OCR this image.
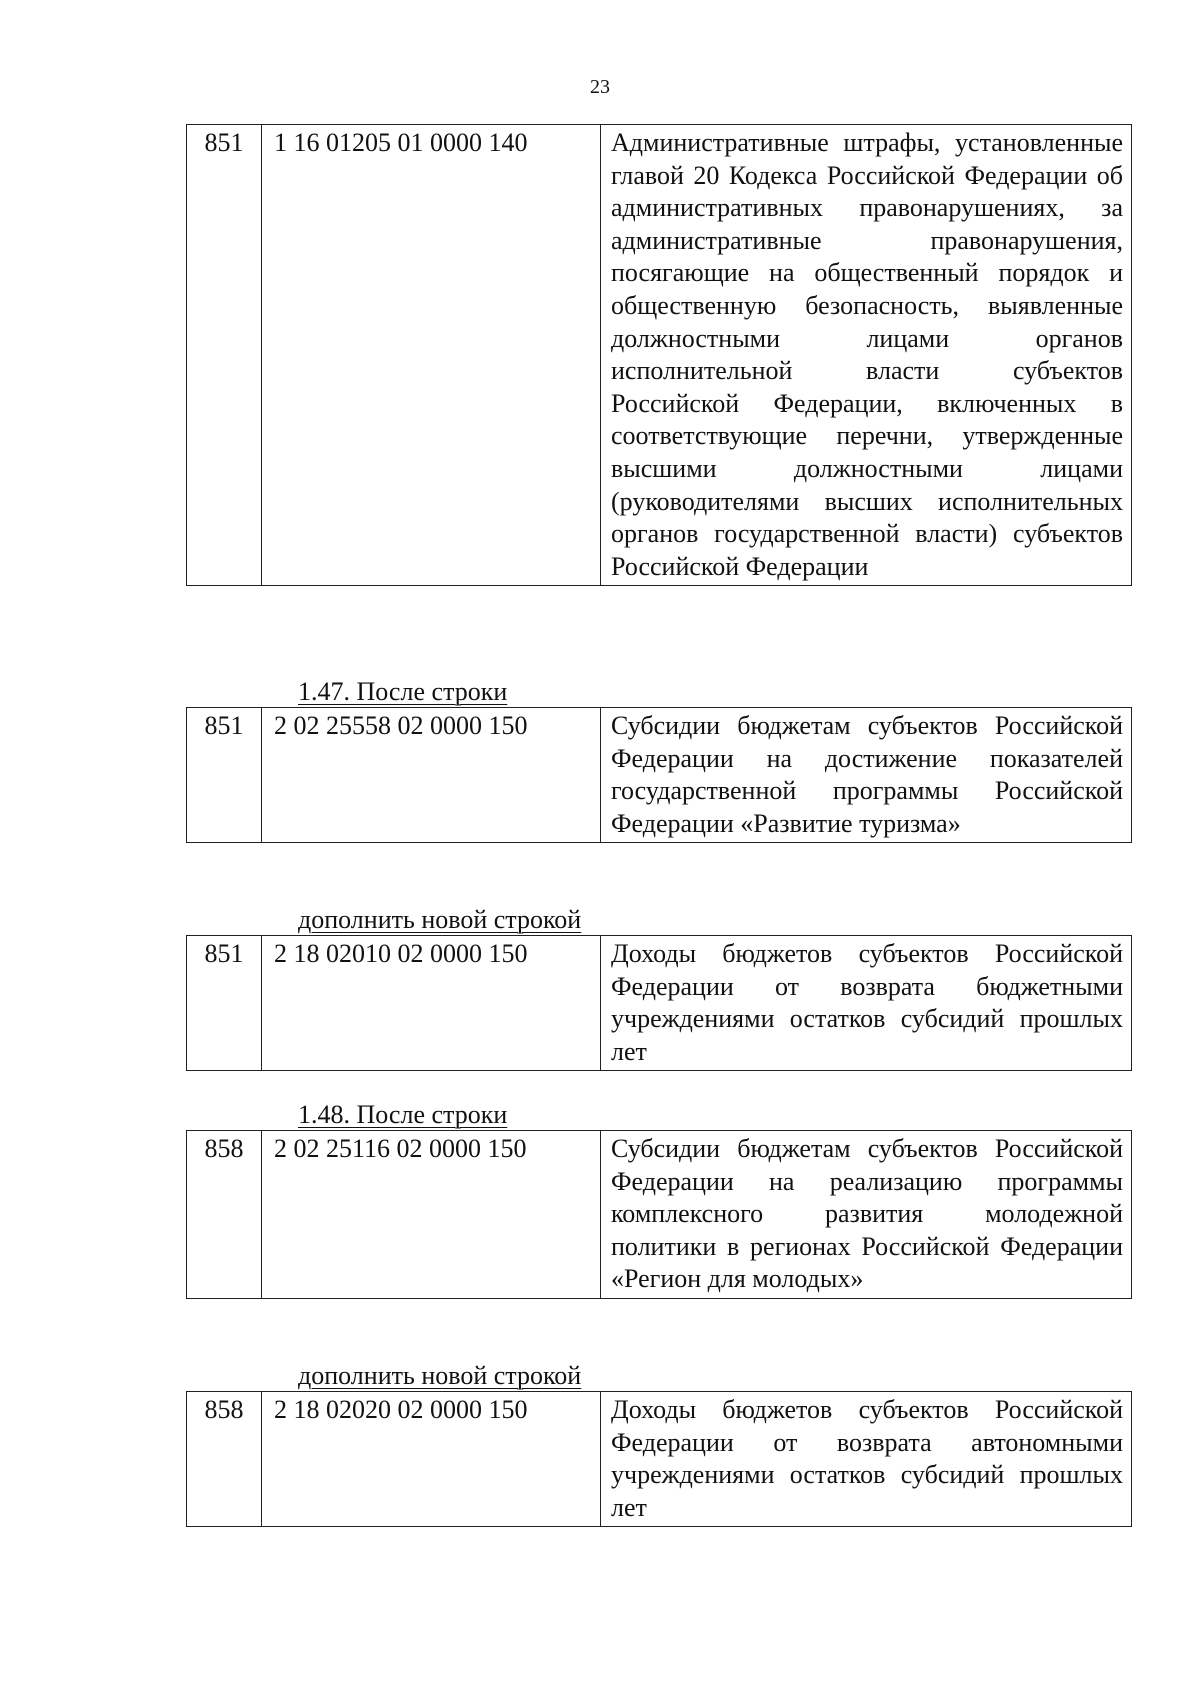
23
851	1 16 01205 01 0000 140	Административные штрафы, установленные главой 20 Кодекса Российской Федерации об административных правонарушениях, за административные правонарушения, посягающие на общественный порядок и общественную безопасность, выявленные должностными лицами органов исполнительной власти субъектов Российской Федерации, включенных в соответствующие перечни, утвержденные высшими должностными лицами (руководителями высших исполнительных органов государственной власти) субъектов Российской Федерации
1.47. После строки
851	2 02 25558 02 0000 150	Субсидии бюджетам субъектов Российской Федерации на достижение показателей государственной программы Российской Федерации «Развитие туризма»
дополнить новой строкой
851	2 18 02010 02 0000 150	Доходы бюджетов субъектов Российской Федерации от возврата бюджетными учреждениями остатков субсидий прошлых лет
1.48. После строки
858	2 02 25116 02 0000 150	Субсидии бюджетам субъектов Российской Федерации на реализацию программы комплексного развития молодежной политики в регионах Российской Федерации «Регион для молодых»
дополнить новой строкой
858	2 18 02020 02 0000 150	Доходы бюджетов субъектов Российской Федерации от возврата автономными учреждениями остатков субсидий прошлых лет
